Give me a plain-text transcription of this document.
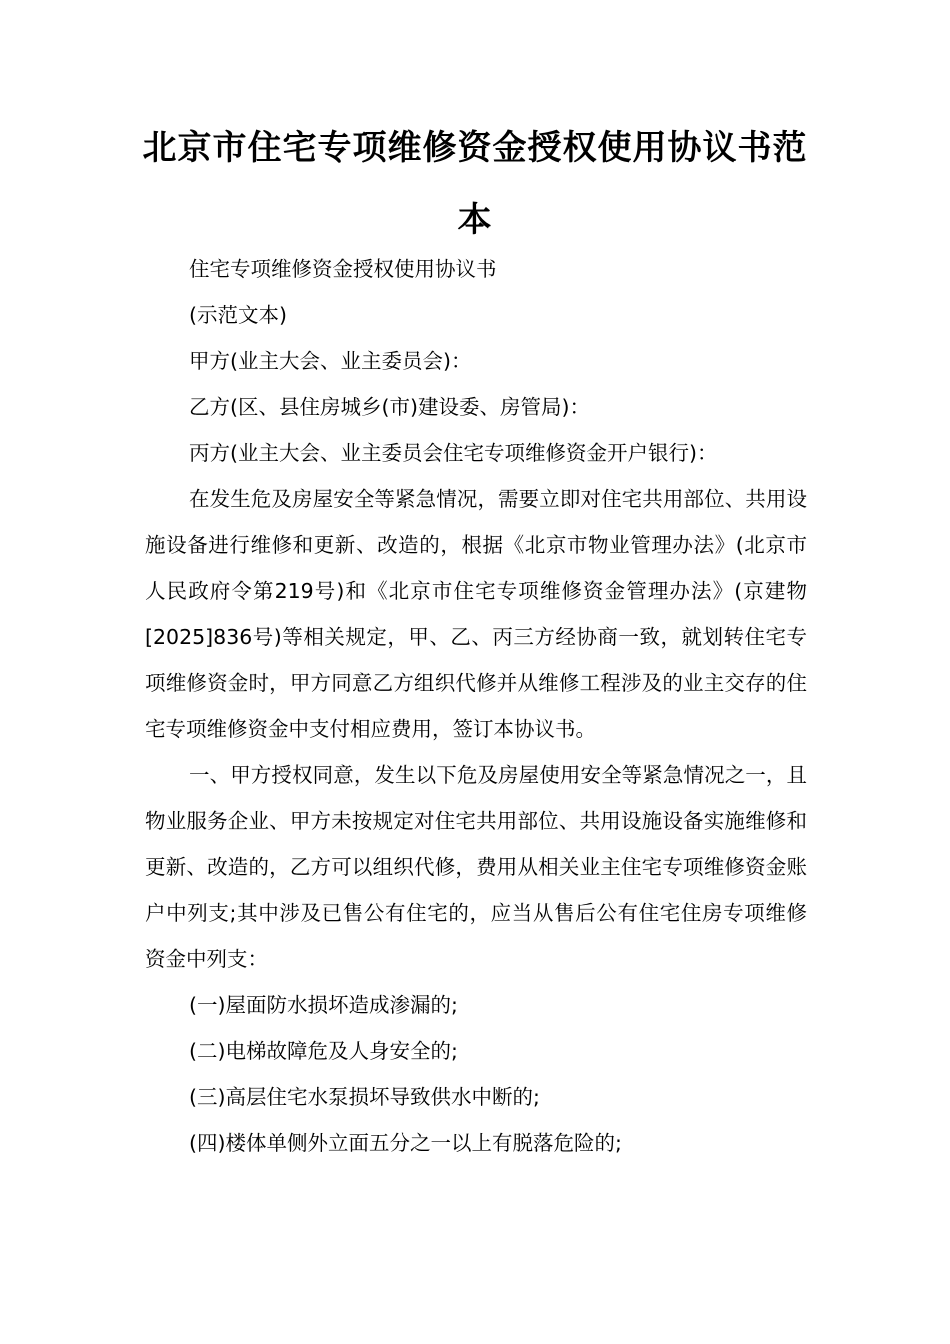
北京市住宅专项维修资金授权使用协议书范本

住宅专项维修资金授权使用协议书

(示范文本)

甲方(业主大会、业主委员会)：

乙方(区、县住房城乡(市)建设委、房管局)：

丙方(业主大会、业主委员会住宅专项维修资金开户银行)：

在发生危及房屋安全等紧急情况，需要立即对住宅共用部位、共用设施设备进行维修和更新、改造的，根据《北京市物业管理办法》(北京市人民政府令第219号)和《北京市住宅专项维修资金管理办法》(京建物[2025]836号)等相关规定，甲、乙、丙三方经协商一致，就划转住宅专项维修资金时，甲方同意乙方组织代修并从维修工程涉及的业主交存的住宅专项维修资金中支付相应费用，签订本协议书。

一、甲方授权同意，发生以下危及房屋使用安全等紧急情况之一，且物业服务企业、甲方未按规定对住宅共用部位、共用设施设备实施维修和更新、改造的，乙方可以组织代修，费用从相关业主住宅专项维修资金账户中列支;其中涉及已售公有住宅的，应当从售后公有住宅住房专项维修资金中列支：

(一)屋面防水损坏造成渗漏的;

(二)电梯故障危及人身安全的;

(三)高层住宅水泵损坏导致供水中断的;

(四)楼体单侧外立面五分之一以上有脱落危险的;
